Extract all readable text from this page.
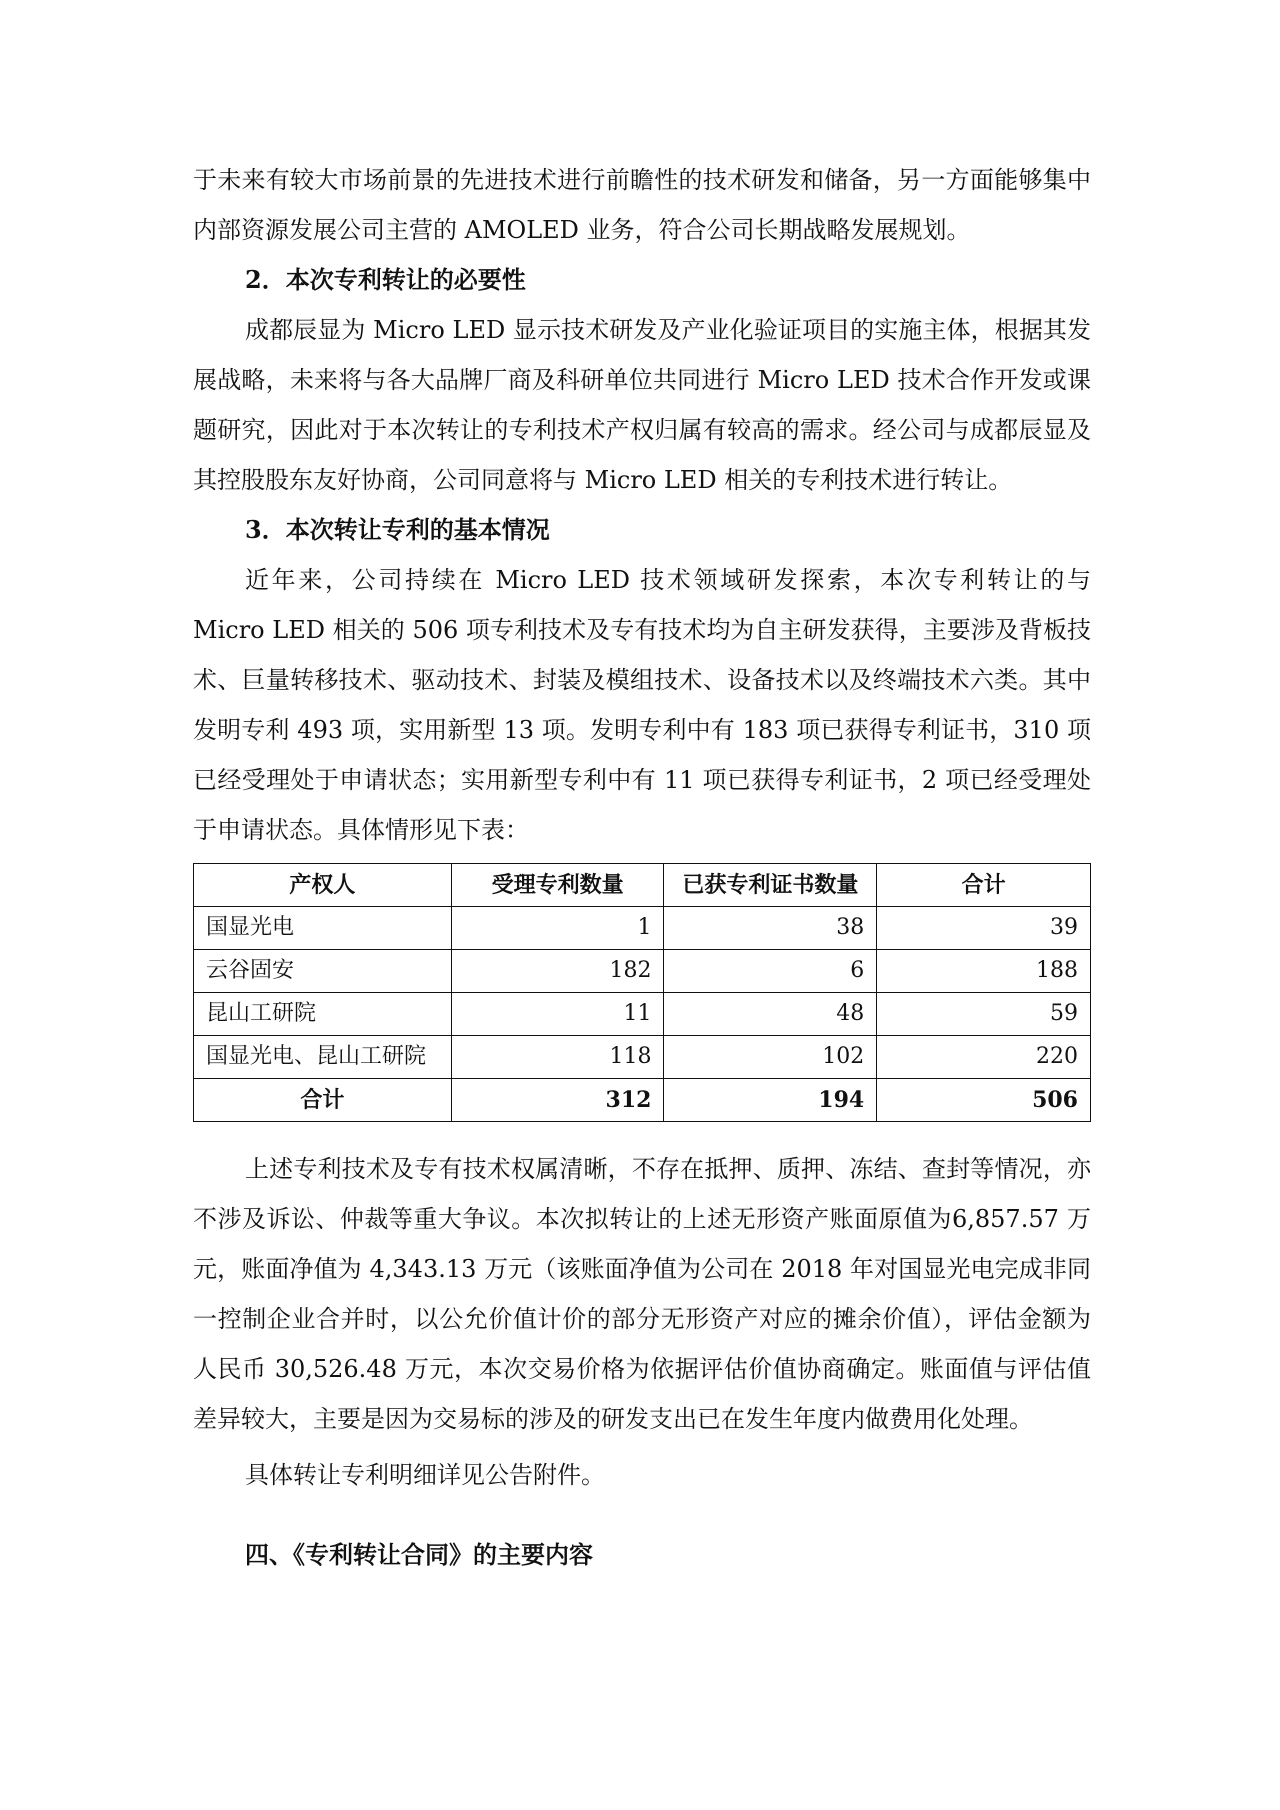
于未来有较大市场前景的先进技术进行前瞻性的技术研发和储备，另一方面能够集中内部资源发展公司主营的 AMOLED 业务，符合公司长期战略发展规划。

2．本次专利转让的必要性

成都辰显为 Micro LED 显示技术研发及产业化验证项目的实施主体，根据其发展战略，未来将与各大品牌厂商及科研单位共同进行 Micro LED 技术合作开发或课题研究，因此对于本次转让的专利技术产权归属有较高的需求。经公司与成都辰显及其控股股东友好协商，公司同意将与 Micro LED 相关的专利技术进行转让。

3．本次转让专利的基本情况

近年来，公司持续在 Micro LED 技术领域研发探索，本次专利转让的与 Micro LED 相关的 506 项专利技术及专有技术均为自主研发获得，主要涉及背板技术、巨量转移技术、驱动技术、封装及模组技术、设备技术以及终端技术六类。其中发明专利 493 项，实用新型 13 项。发明专利中有 183 项已获得专利证书，310 项已经受理处于申请状态；实用新型专利中有 11 项已获得专利证书，2 项已经受理处于申请状态。具体情形见下表：

产权人	受理专利数量	已获专利证书数量	合计
国显光电	1	38	39
云谷固安	182	6	188
昆山工研院	11	48	59
国显光电、昆山工研院	118	102	220
合计	312	194	506

上述专利技术及专有技术权属清晰，不存在抵押、质押、冻结、查封等情况，亦不涉及诉讼、仲裁等重大争议。本次拟转让的上述无形资产账面原值为6,857.57 万元，账面净值为 4,343.13 万元（该账面净值为公司在 2018 年对国显光电完成非同一控制企业合并时，以公允价值计价的部分无形资产对应的摊余价值），评估金额为人民币 30,526.48 万元，本次交易价格为依据评估价值协商确定。账面值与评估值差异较大，主要是因为交易标的涉及的研发支出已在发生年度内做费用化处理。

具体转让专利明细详见公告附件。

四、《专利转让合同》的主要内容
